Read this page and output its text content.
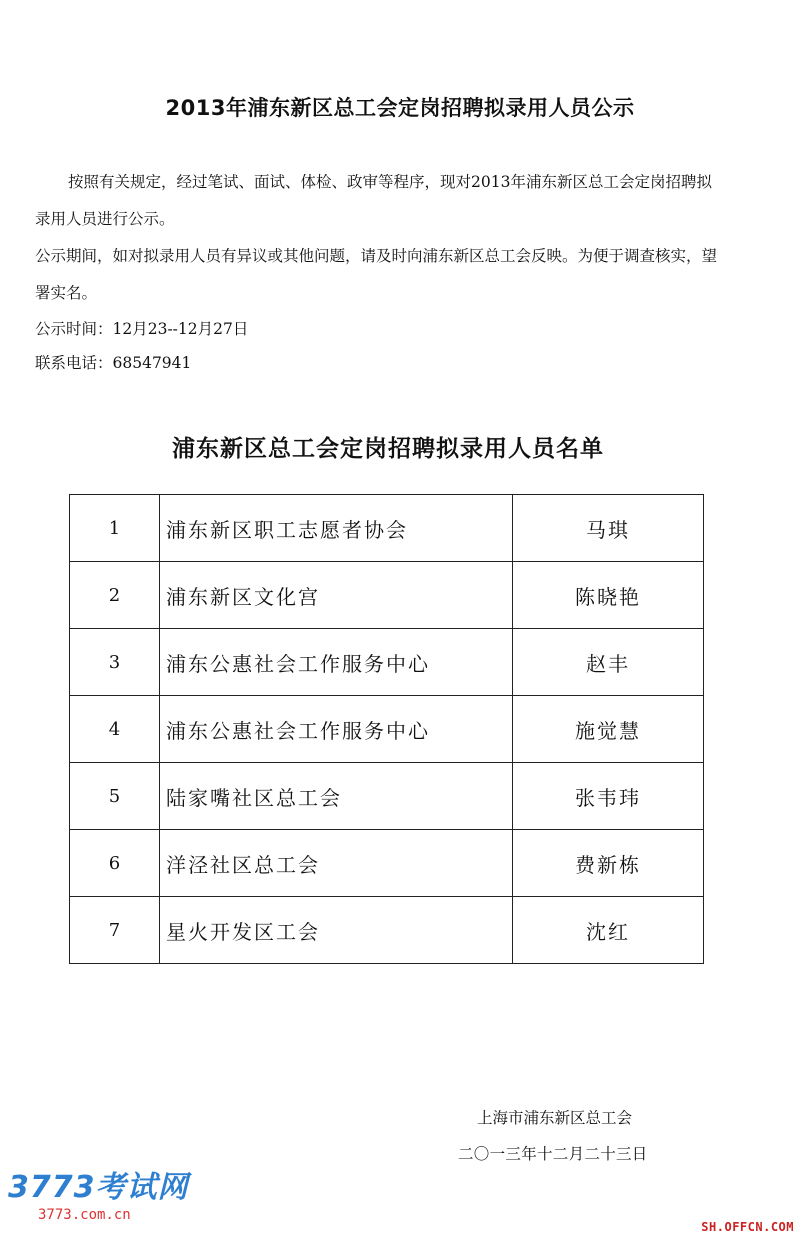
2013年浦东新区总工会定岗招聘拟录用人员公示
按照有关规定，经过笔试、面试、体检、政审等程序，现对2013年浦东新区总工会定岗招聘拟录用人员进行公示。
公示期间，如对拟录用人员有异议或其他问题，请及时向浦东新区总工会反映。为便于调查核实，望署实名。
公示时间：12月23--12月27日
联系电话：68547941
浦东新区总工会定岗招聘拟录用人员名单
1	浦东新区职工志愿者协会	马琪
2	浦东新区文化宫	陈晓艳
3	浦东公惠社会工作服务中心	赵丰
4	浦东公惠社会工作服务中心	施觉慧
5	陆家嘴社区总工会	张韦玮
6	洋泾社区总工会	费新栋
7	星火开发区工会	沈红
上海市浦东新区总工会
二〇一三年十二月二十三日
3773考试网
3773.com.cn
SH.OFFCN.COM
